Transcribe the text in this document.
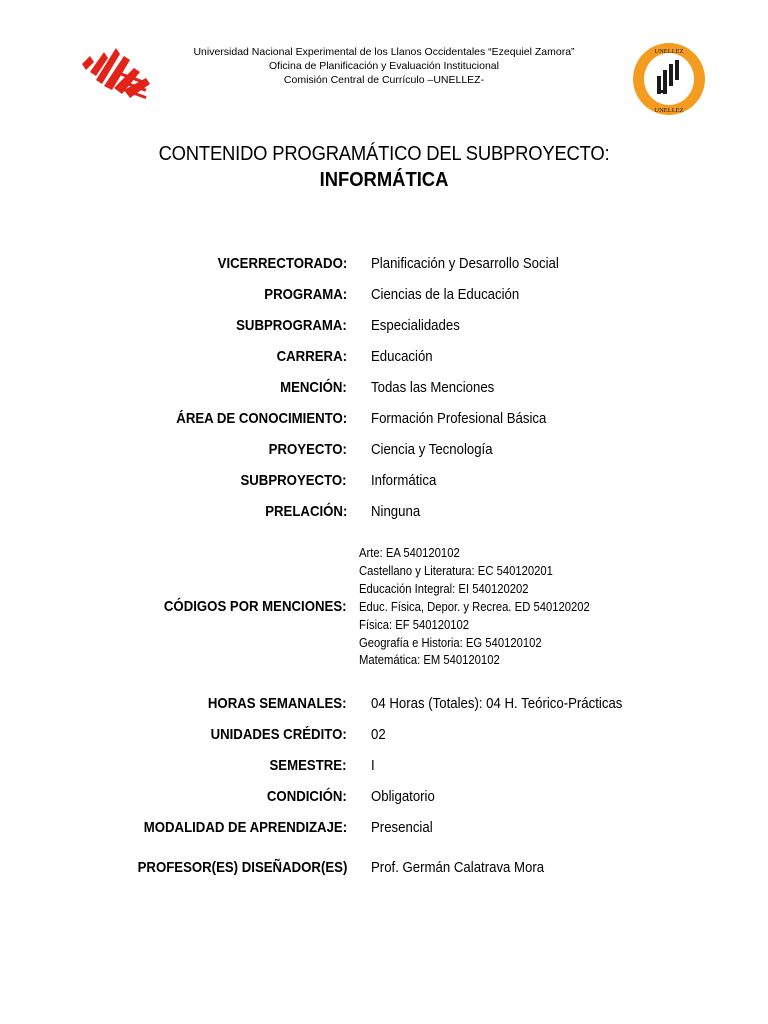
Universidad Nacional Experimental de los Llanos Occidentales “Ezequiel Zamora”
Oficina de Planificación y Evaluación Institucional
Comisión Central de Currículo –UNELLEZ-
UNELLEZ
UNELLEZ
CONTENIDO PROGRAMÁTICO DEL SUBPROYECTO:
INFORMÁTICA
VICERRECTORADO: Planificación y Desarrollo Social
PROGRAMA: Ciencias de la Educación
SUBPROGRAMA: Especialidades
CARRERA: Educación
MENCIÓN: Todas las Menciones
ÁREA DE CONOCIMIENTO: Formación Profesional Básica
PROYECTO: Ciencia y Tecnología
SUBPROYECTO: Informática
PRELACIÓN: Ninguna
CÓDIGOS POR MENCIONES:
Arte: EA 540120102
Castellano y Literatura: EC 540120201
Educación Integral: EI 540120202
Educ. Física, Depor. y Recrea. ED 540120202
Física: EF 540120102
Geografía e Historia: EG 540120102
Matemática: EM 540120102
HORAS SEMANALES: 04 Horas (Totales): 04 H. Teórico-Prácticas
UNIDADES CRÉDITO: 02
SEMESTRE: I
CONDICIÓN: Obligatorio
MODALIDAD DE APRENDIZAJE: Presencial
PROFESOR(ES) DISEÑADOR(ES) Prof. Germán Calatrava Mora
